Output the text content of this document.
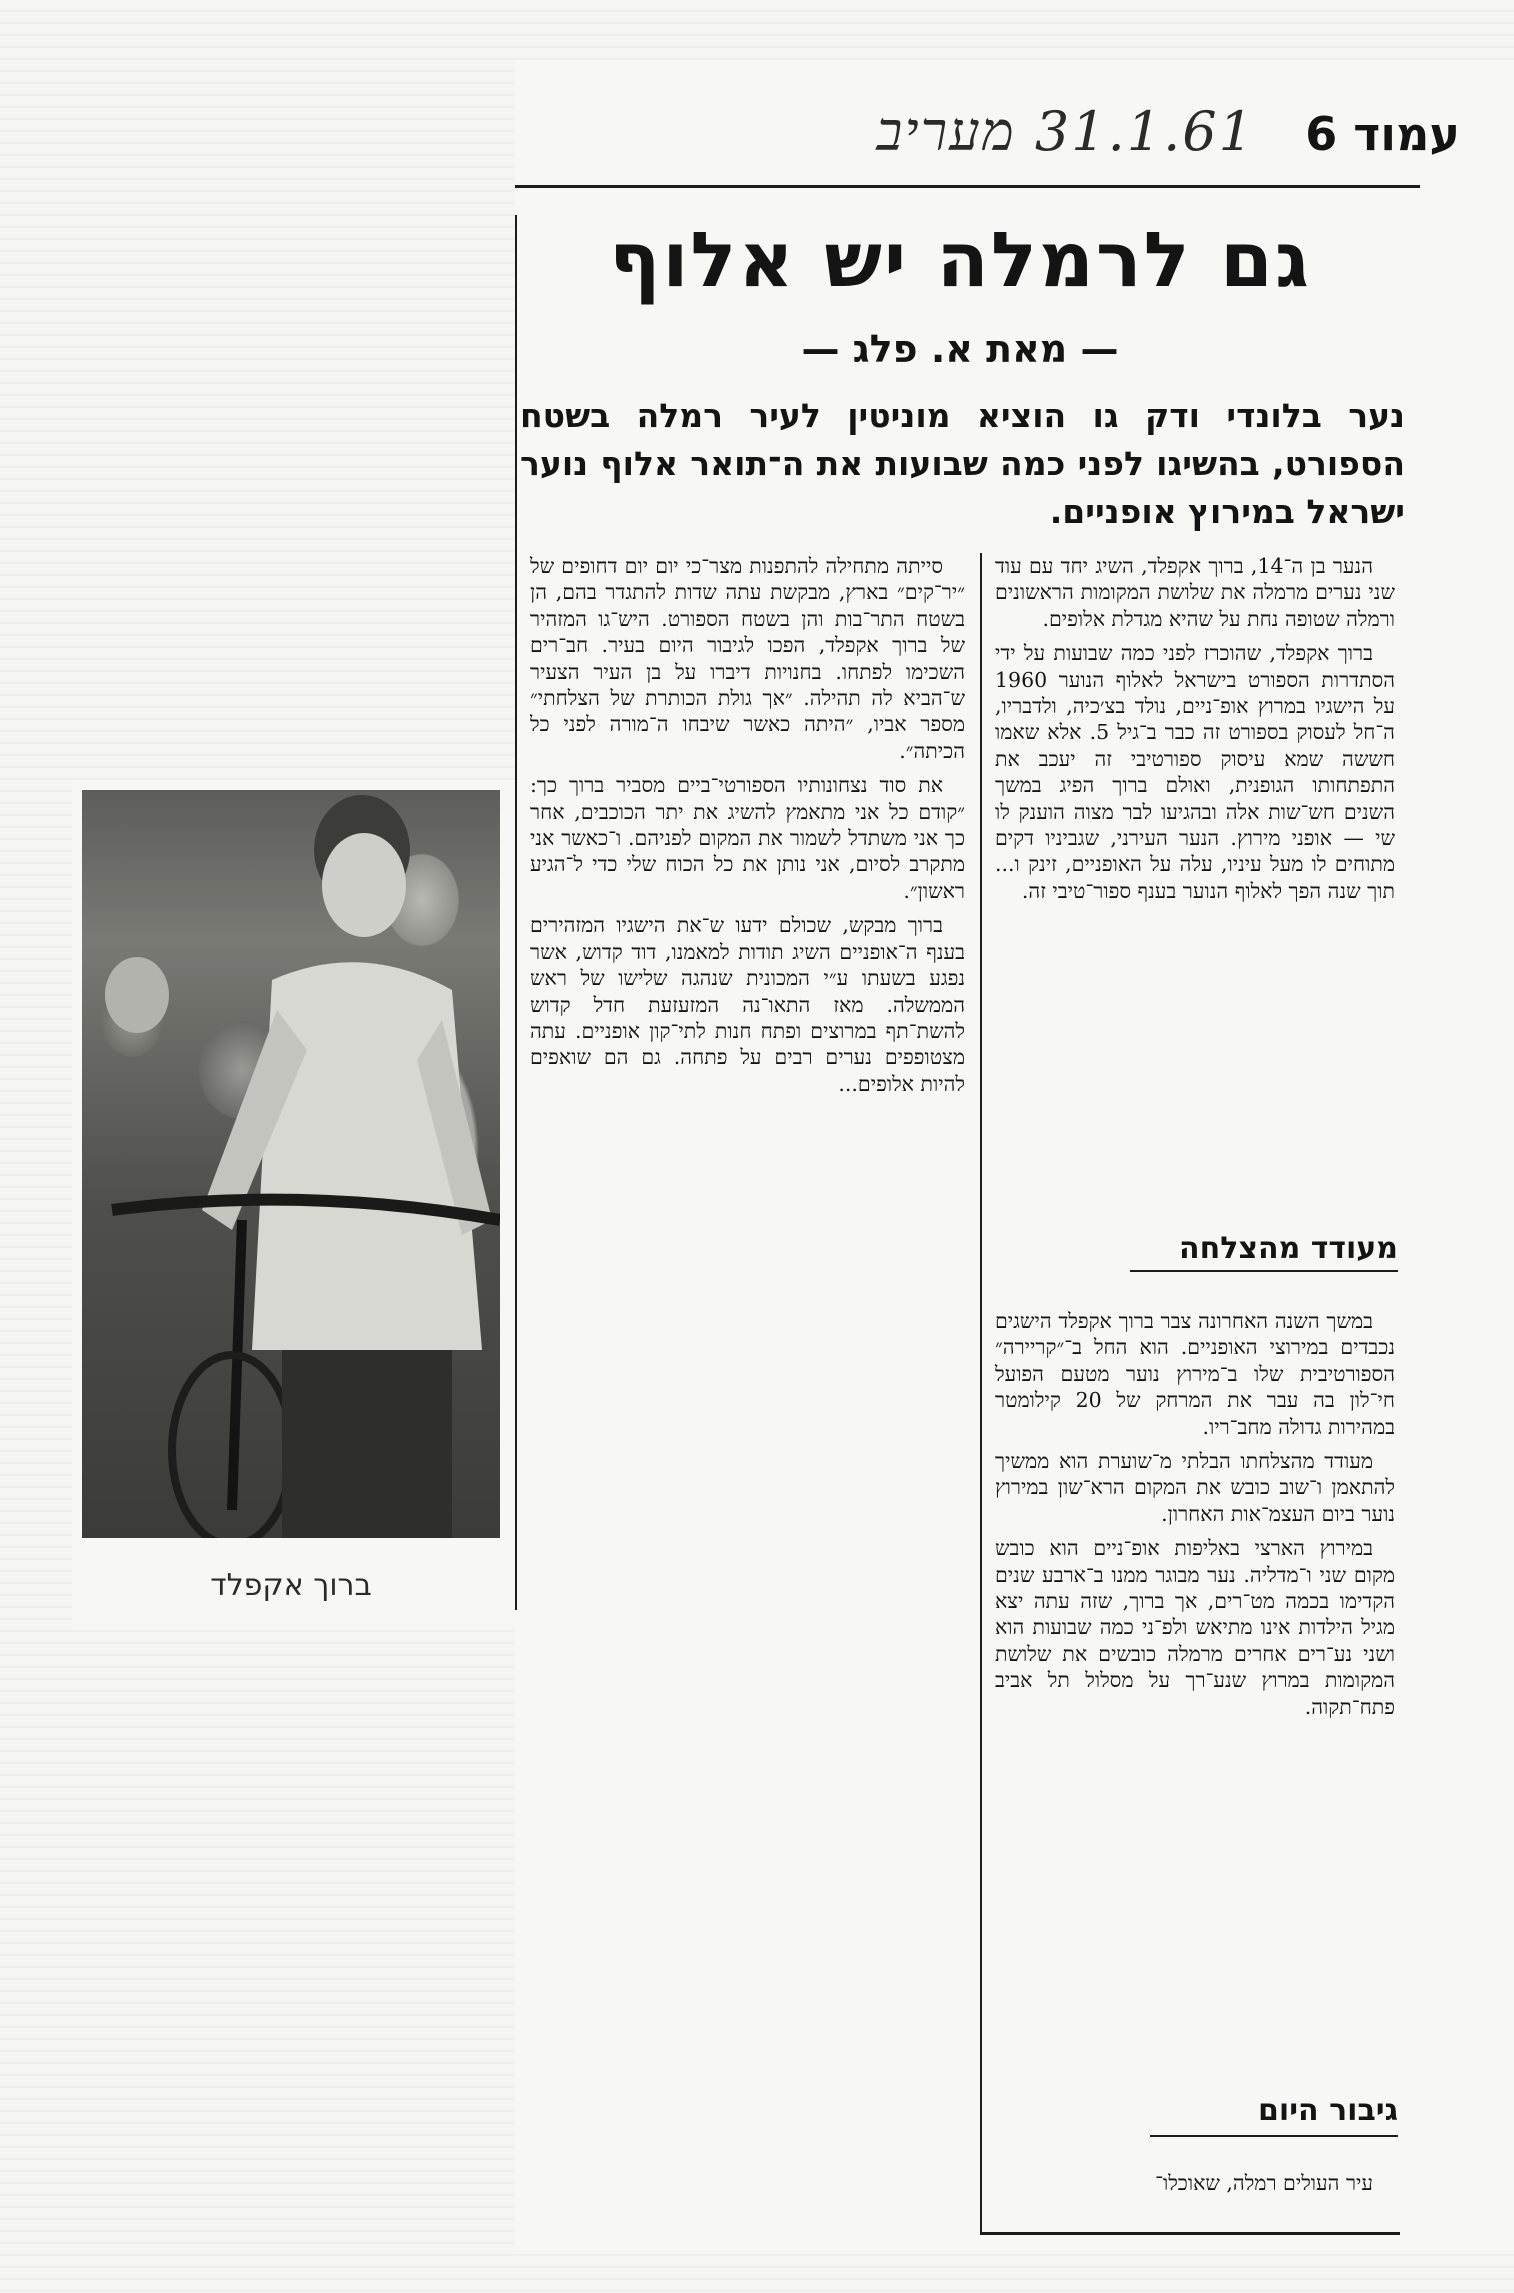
עמוד 6
31.1.61 מעריב
גם לרמלה יש אלוף
— מאת א. פלג —

נער בלונדי ודק גו הוציא מוניטין לעיר רמלה בשטח הספורט, בהשיגו לפני כמה שבועות את ה־תואר אלוף נוער ישראל במירוץ אופניים.

הנער בן ה־14, ברוך אקפלד, השיג יחד עם עוד שני נערים מרמלה את שלושת המקומות הראשונים ורמלה שטופה נחת על שהיא מגדלת אלופים.

ברוך אקפלד, שהוכרז לפני כמה שבועות על ידי הסתדרות הספורט בישראל לאלוף הנוער 1960 על הישגיו במרוץ אופ־ניים, נולד בצ׳כיה, ולדבריו, ה־חל לעסוק בספורט זה כבר ב־גיל 5. אלא שאמו חששה שמא עיסוק ספורטיבי זה יעכב את התפתחותו הגופנית, ואולם ברוך הפיג במשך השנים חש־שות אלה ובהגיעו לבר מצוה הוענק לו שי — אופני מירוץ. הנער העירני, שגביניו דקים מתוחים לו מעל עיניו, עלה על האופניים, זינק ו... תוך שנה הפך לאלוף הנוער בענף ספור־טיבי זה.

מעודד מהצלחה

במשך השנה האחרונה צבר ברוך אקפלד הישגים נכבדים במירוצי האופניים. הוא החל ב־״קריירה״ הספורטיבית שלו ב־מירוץ נוער מטעם הפועל חי־לון בה עבר את המרחק של 20 קילומטר במהירות גדולה מחב־ריו.

מעודד מהצלחתו הבלתי מ־שוערת הוא ממשיך להתאמן ו־שוב כובש את המקום הרא־שון במירוץ נוער ביום העצמ־אות האחרון.

במירוץ הארצי באליפות אופ־ניים הוא כובש מקום שני ו־מדליה. נער מבוגר ממנו ב־ארבע שנים הקדימו בכמה מט־רים, אך ברוך, שזה עתה יצא מגיל הילדות אינו מתיאש ולפ־ני כמה שבועות הוא ושני נע־רים אחרים מרמלה כובשים את שלושת המקומות במרוץ שנע־רך על מסלול תל אביב פתח־תקוה.

גיבור היום

עיר העולים רמלה, שאוכלו־

סייתה מתחילה להתפנות מצר־כי יום יום דחופים של ״יר־קים״ בארץ, מבקשת עתה שדות להתגדר בהם, הן בשטח התר־בות והן בשטח הספורט. היש־גו המזהיר של ברוך אקפלד, הפכו לגיבור היום בעיר. חב־רים השכימו לפתחו. בחנויות דיברו על בן העיר הצעיר ש־הביא לה תהילה. ״אך גולת הכותרת של הצלחתי״ מספר אביו, ״היתה כאשר שיבחו ה־מורה לפני כל הכיתה״.

את סוד נצחונותיו הספורטי־ביים מסביר ברוך כך: ״קודם כל אני מתאמץ להשיג את יתר הכוכבים, אחר כך אני משתדל לשמור את המקום לפניהם. ו־כאשר אני מתקרב לסיום, אני נותן את כל הכוח שלי כדי ל־הגיע ראשון״.

ברוך מבקש, שכולם ידעו ש־את הישגיו המזהירים בענף ה־אופניים השיג תודות למאמנו, דוד קדוש, אשר נפגע בשעתו ע״י המכונית שנהגה שלישו של ראש הממשלה. מאז התאו־נה המזעזעת חדל קדוש להשת־תף במרוצים ופתח חנות לתי־קון אופניים. עתה מצטופפים נערים רבים על פתחה. גם הם שואפים להיות אלופים...

ברוך אקפלד
